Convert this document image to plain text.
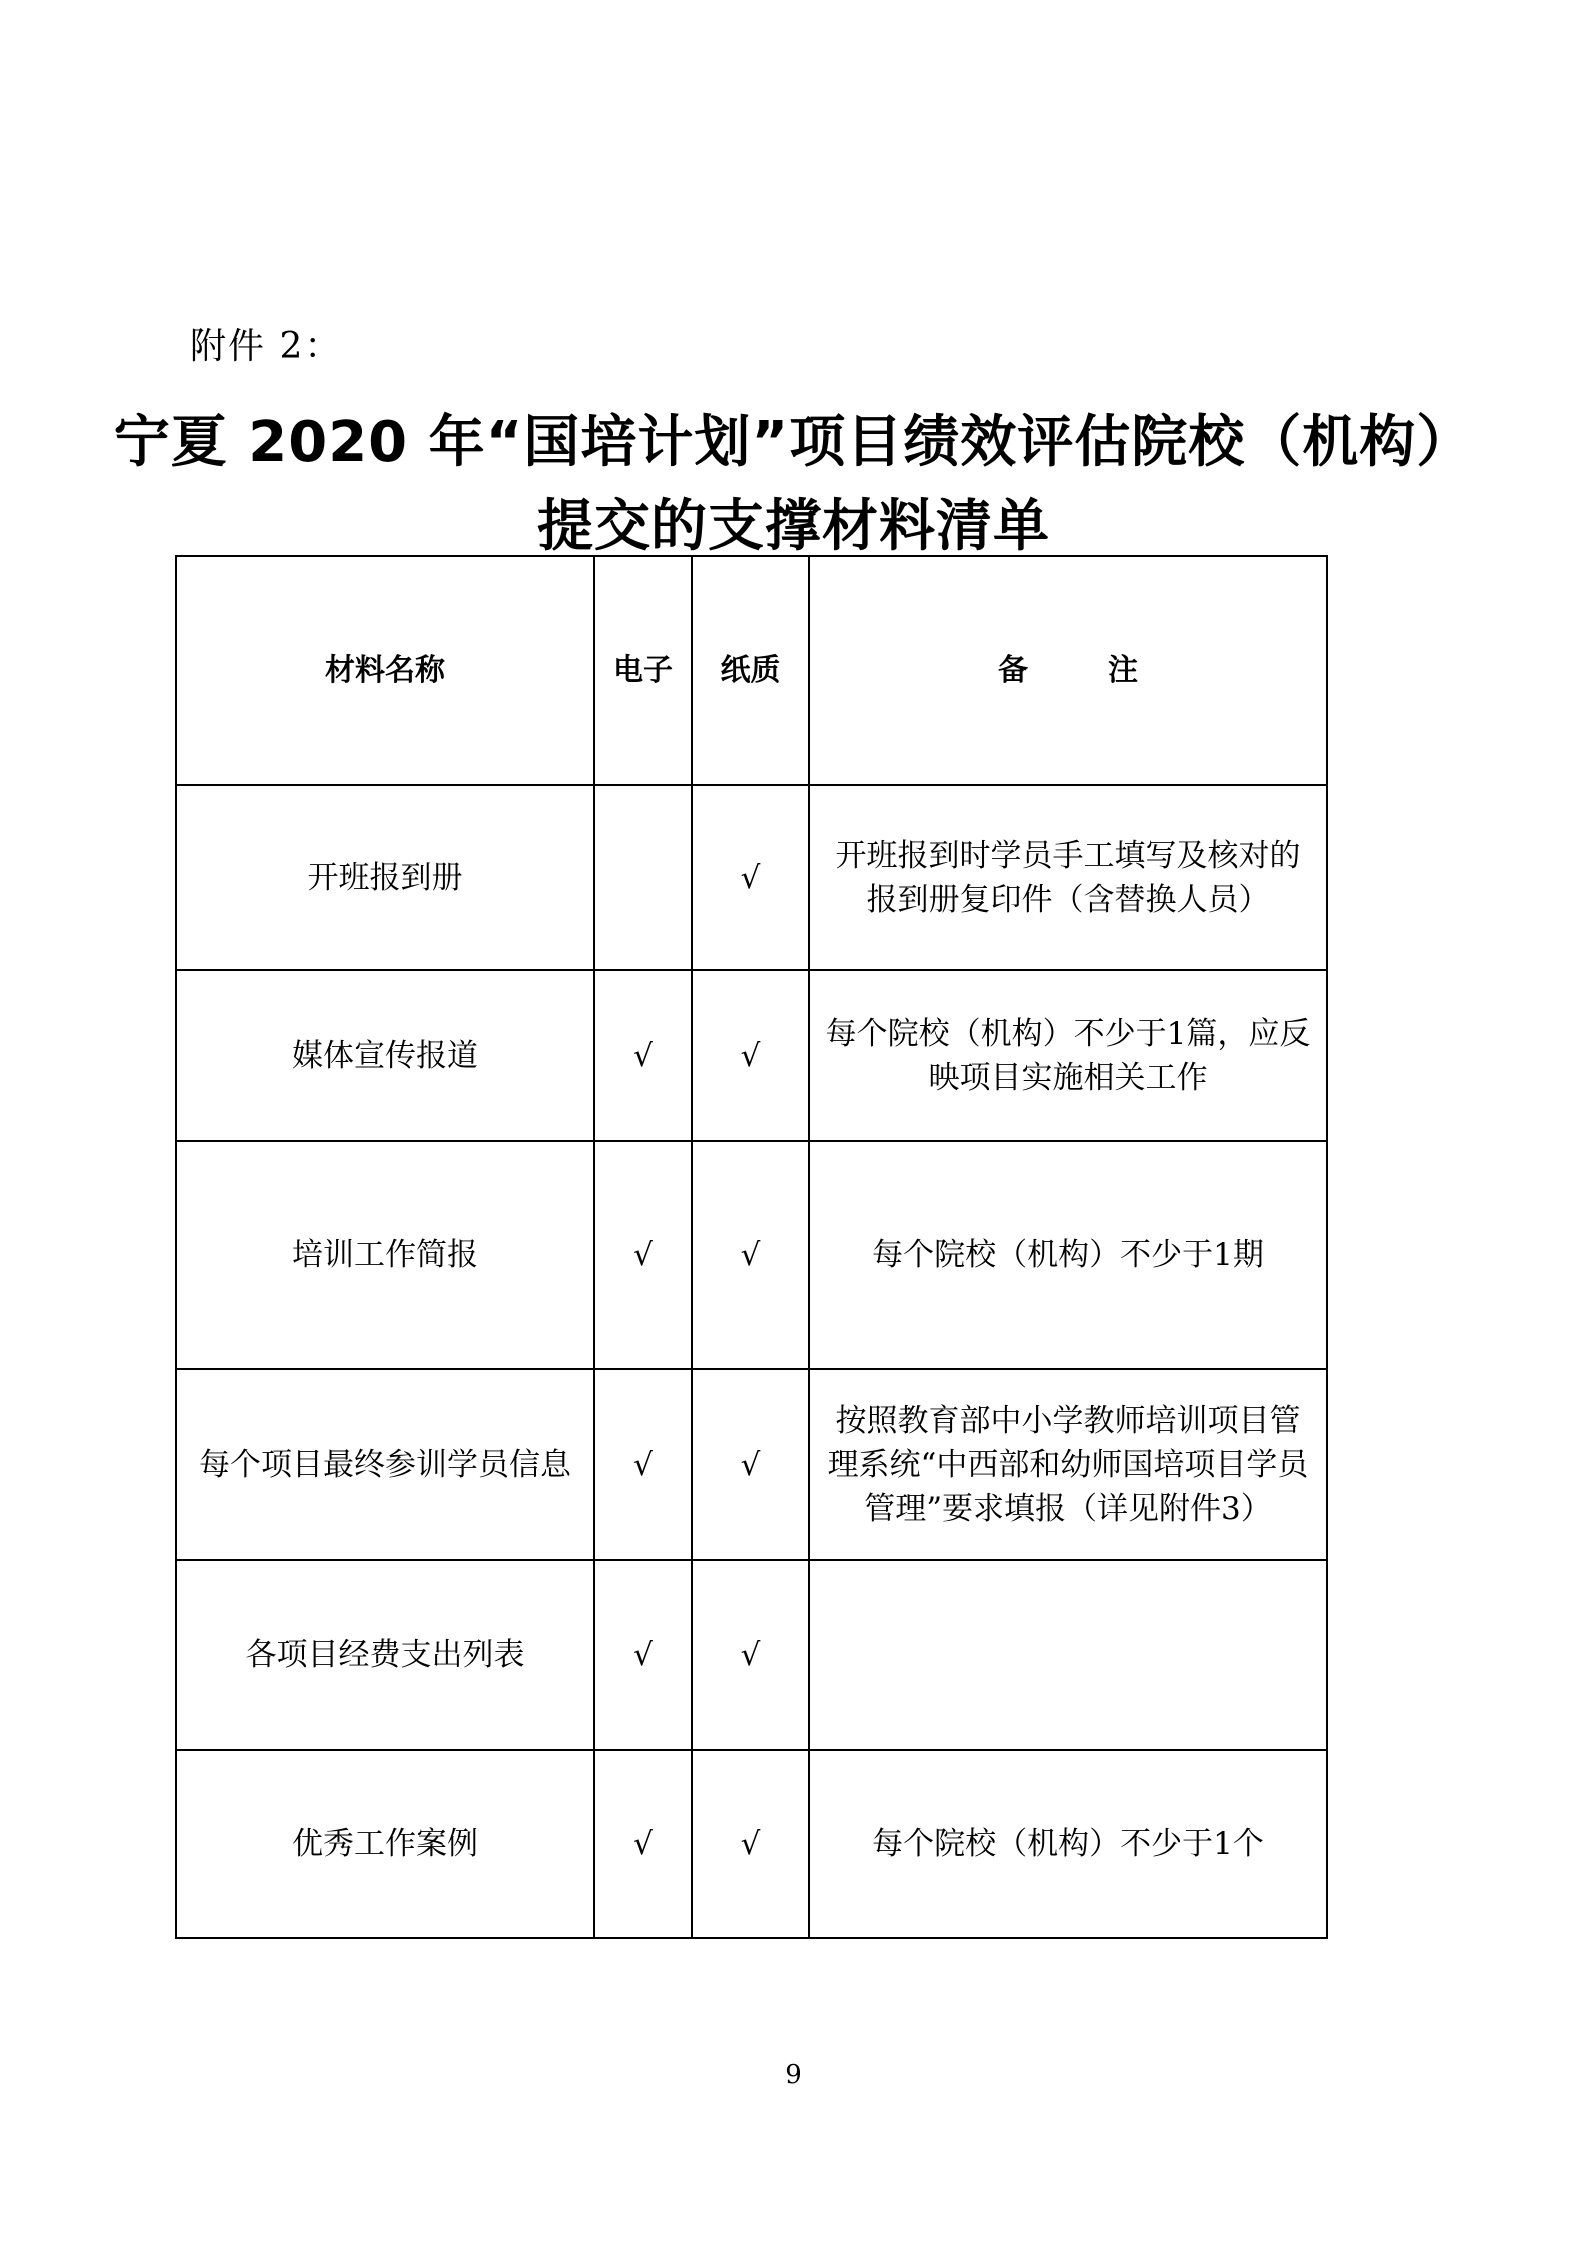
附件 2：
宁夏 2020 年“国培计划”项目绩效评估院校（机构）
提交的支撑材料清单
材料名称	电子	纸质	备注
开班报到册		√	开班报到时学员手工填写及核对的报到册复印件（含替换人员）
媒体宣传报道	√	√	每个院校（机构）不少于1篇，应反映项目实施相关工作
培训工作简报	√	√	每个院校（机构）不少于1期
每个项目最终参训学员信息	√	√	按照教育部中小学教师培训项目管理系统“中西部和幼师国培项目学员管理”要求填报（详见附件3）
各项目经费支出列表	√	√	
优秀工作案例	√	√	每个院校（机构）不少于1个
9
